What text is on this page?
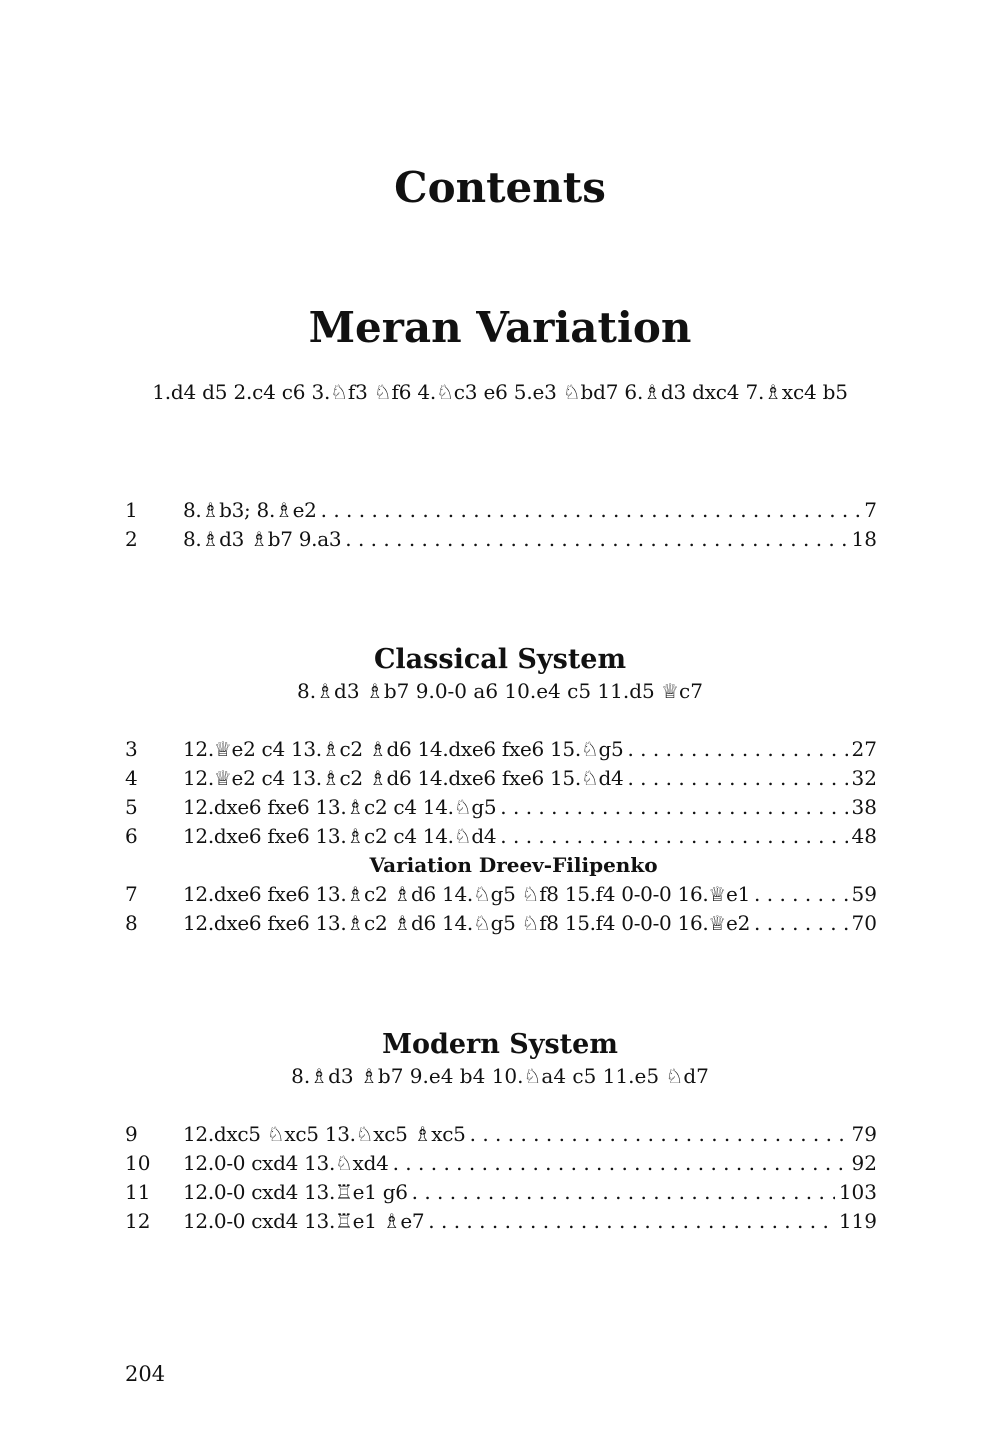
Contents
Meran Variation
1.d4 d5 2.c4 c6 3.♘f3 ♘f6 4.♘c3 e6 5.e3 ♘bd7 6.♗d3 dxc4 7.♗xc4 b5
1	8.♗b3; 8.♗e2 . . .	7
2	8.♗d3 ♗b7 9.a3 . . .	18
Classical System
8.♗d3 ♗b7 9.0-0 a6 10.e4 c5 11.d5 ♕c7
3	12.♕e2 c4 13.♗c2 ♗d6 14.dxe6 fxe6 15.♘g5 . . .	27
4	12.♕e2 c4 13.♗c2 ♗d6 14.dxe6 fxe6 15.♘d4 . . .	32
5	12.dxe6 fxe6 13.♗c2 c4 14.♘g5 . . .	38
6	12.dxe6 fxe6 13.♗c2 c4 14.♘d4 . . .	48
Variation Dreev-Filipenko
7	12.dxe6 fxe6 13.♗c2 ♗d6 14.♘g5 ♘f8 15.f4 0-0-0 16.♕e1 . . .	59
8	12.dxe6 fxe6 13.♗c2 ♗d6 14.♘g5 ♘f8 15.f4 0-0-0 16.♕e2 . . .	70
Modern System
8.♗d3 ♗b7 9.e4 b4 10.♘a4 c5 11.e5 ♘d7
9	12.dxc5 ♘xc5 13.♘xc5 ♗xc5 . . .	79
10	12.0-0 cxd4 13.♘xd4 . . .	92
11	12.0-0 cxd4 13.♖e1 g6 . . .	103
12	12.0-0 cxd4 13.♖e1 ♗e7 . . .	119
204
